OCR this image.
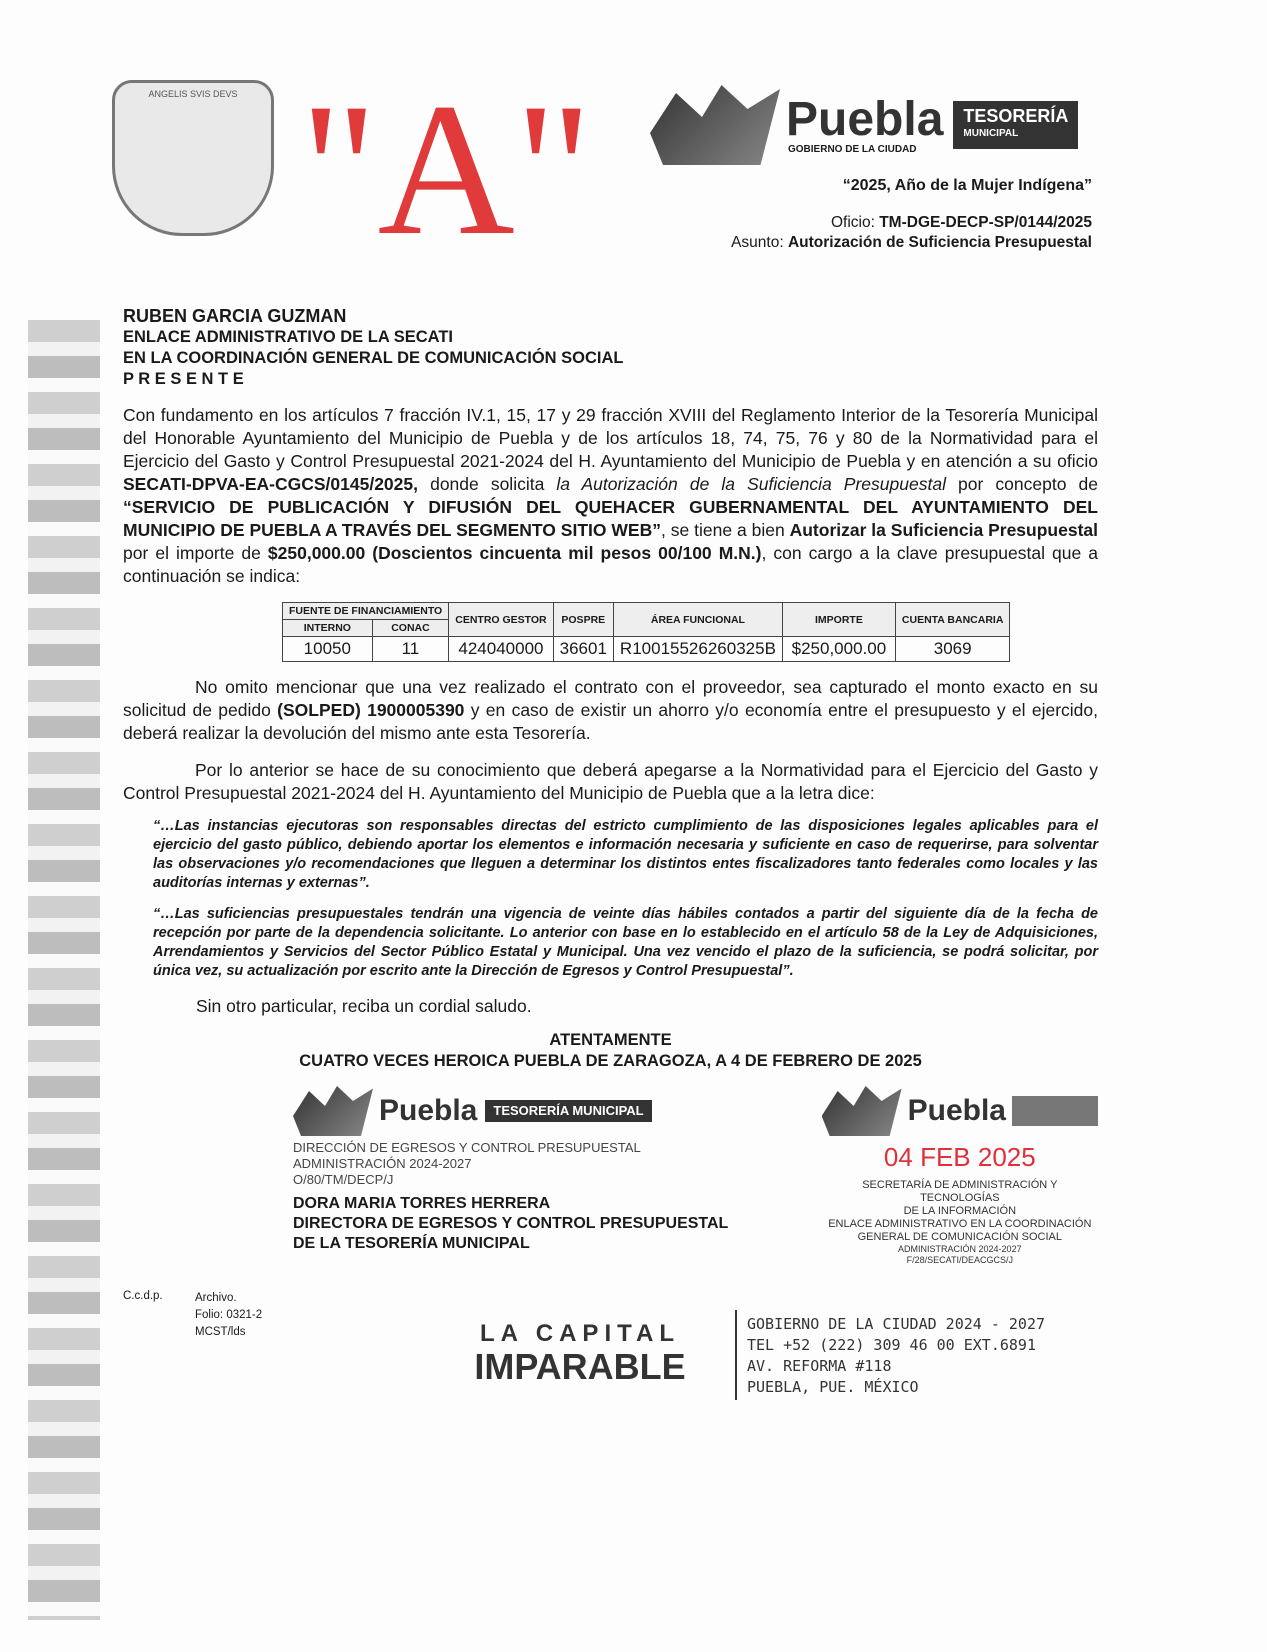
ANGELIS SVIS DEVS "A"	Puebla
GOBIERNO DE LA CIUDAD
TESORERÍA
MUNICIPAL
“2025, Año de la Mujer Indígena”
Oficio: TM-DGE-DECP-SP/0144/2025
Asunto: Autorización de Suficiencia Presupuestal
RUBEN GARCIA GUZMAN
ENLACE ADMINISTRATIVO DE LA SECATI
EN LA COORDINACIÓN GENERAL DE COMUNICACIÓN SOCIAL
P R E S E N T E

Con fundamento en los artículos 7 fracción IV.1, 15, 17 y 29 fracción XVIII del Reglamento Interior de la Tesorería Municipal del Honorable Ayuntamiento del Municipio de Puebla y de los artículos 18, 74, 75, 76 y 80 de la Normatividad para el Ejercicio del Gasto y Control Presupuestal 2021-2024 del H. Ayuntamiento del Municipio de Puebla y en atención a su oficio SECATI-DPVA-EA-CGCS/0145/2025, donde solicita la Autorización de la Suficiencia Presupuestal por concepto de “SERVICIO DE PUBLICACIÓN Y DIFUSIÓN DEL QUEHACER GUBERNAMENTAL DEL AYUNTAMIENTO DEL MUNICIPIO DE PUEBLA A TRAVÉS DEL SEGMENTO SITIO WEB”, se tiene a bien Autorizar la Suficiencia Presupuestal por el importe de $250,000.00 (Doscientos cincuenta mil pesos 00/100 M.N.), con cargo a la clave presupuestal que a continuación se indica:

FUENTE DE FINANCIAMIENTO		CENTRO GESTOR	POSPRE	ÁREA FUNCIONAL	IMPORTE	CUENTA BANCARIA
INTERNO	CONAC					
10050	11	424040000	36601	R10015526260325B	$250,000.00	3069

No omito mencionar que una vez realizado el contrato con el proveedor, sea capturado el monto exacto en su solicitud de pedido (SOLPED) 1900005390 y en caso de existir un ahorro y/o economía entre el presupuesto y el ejercido, deberá realizar la devolución del mismo ante esta Tesorería.

Por lo anterior se hace de su conocimiento que deberá apegarse a la Normatividad para el Ejercicio del Gasto y Control Presupuestal 2021-2024 del H. Ayuntamiento del Municipio de Puebla que a la letra dice:

“…Las instancias ejecutoras son responsables directas del estricto cumplimiento de las disposiciones legales aplicables para el ejercicio del gasto público, debiendo aportar los elementos e información necesaria y suficiente en caso de requerirse, para solventar las observaciones y/o recomendaciones que lleguen a determinar los distintos entes fiscalizadores tanto federales como locales y las auditorías internas y externas”.
“…Las suficiencias presupuestales tendrán una vigencia de veinte días hábiles contados a partir del siguiente día de la fecha de recepción por parte de la dependencia solicitante. Lo anterior con base en lo establecido en el artículo 58 de la Ley de Adquisiciones, Arrendamientos y Servicios del Sector Público Estatal y Municipal. Una vez vencido el plazo de la suficiencia, se podrá solicitar, por única vez, su actualización por escrito ante la Dirección de Egresos y Control Presupuestal”.

Sin otro particular, reciba un cordial saludo.

ATENTAMENTE
CUATRO VECES HEROICA PUEBLA DE ZARAGOZA, A 4 DE FEBRERO DE 2025
Puebla	TESORERÍA MUNICIPAL
DIRECCIÓN DE EGRESOS Y CONTROL PRESUPUESTAL
ADMINISTRACIÓN 2024-2027
O/80/TM/DECP/J
DORA MARIA TORRES HERRERA
DIRECTORA DE EGRESOS Y CONTROL PRESUPUESTAL
DE LA TESORERÍA MUNICIPAL
Puebla
04 FEB 2025
SECRETARÍA DE ADMINISTRACIÓN Y TECNOLOGÍAS
DE LA INFORMACIÓN
ENLACE ADMINISTRATIVO EN LA COORDINACIÓN
GENERAL DE COMUNICACIÓN SOCIAL
ADMINISTRACIÓN 2024-2027
F/28/SECATI/DEACGCS/J
C.c.d.p.	Archivo.
Folio: 0321-2
MCST/lds	LA CAPITAL
IMPARABLE
GOBIERNO DE LA CIUDAD 2024 - 2027
TEL +52 (222) 309 46 00 EXT.6891
AV. REFORMA #118
PUEBLA, PUE. MÉXICO
